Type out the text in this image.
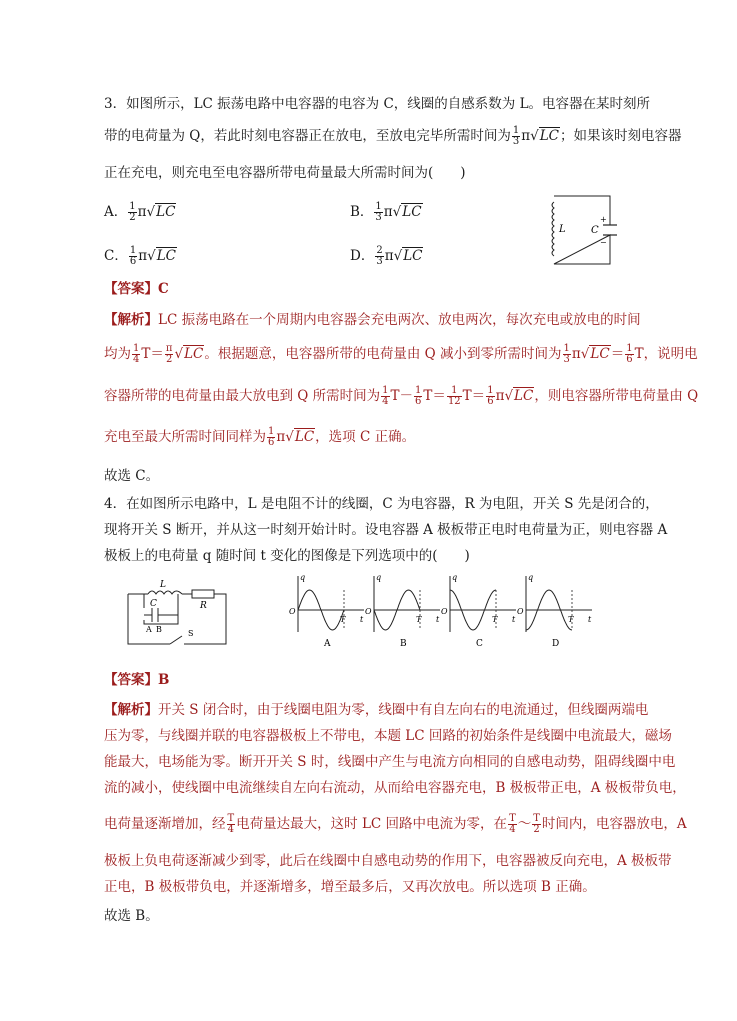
3．如图所示，LC 振荡电路中电容器的电容为 C，线圈的自感系数为 L。电容器在某时刻所
带的电荷量为 Q，若此时刻电容器正在放电，至放电完毕所需时间为 $\frac{1}{3} \pi√LC$；如果该时刻电容器
正在充电，则充电至电容器所带电荷量最大所需时间为(　　)
A． $\frac{1}{2} \pi√LC$	B． $\frac{1}{3} \pi√LC$
C． $\frac{1}{6} \pi√LC$	D． $\frac{2}{3} \pi√LC$
L	C
+
−
【答案】C
【解析】LC 振荡电路在一个周期内电容器会充电两次、放电两次，每次充电或放电的时间
均为 $\frac{1}{4} T= \frac{\pi}{2} √LC$。根据题意，电容器所带的电荷量由 Q 减小到零所需时间为 $\frac{1}{3} \pi√LC= \frac{1}{6}$ T，说明电
容器所带的电荷量由最大放电到 Q 所需时间为 $\frac{1}{4} T- \frac{1}{6} T= \frac{1}{12} T= \frac{1}{6} \pi√LC$，则电容器所带电荷量由 Q
充电至最大所需时间同样为 $\frac{1}{6} \pi√LC$，选项 C 正确。
故选 C。
4．在如图所示电路中，L 是电阻不计的线圈，C 为电容器，R 为电阻，开关 S 先是闭合的，
现将开关 S 断开，并从这一时刻开始计时。设电容器 A 极板带正电时电荷量为正，则电容器 A
极板上的电荷量 q 随时间 t 变化的图像是下列选项中的(　　)
L
C
A B
R
S
q
O
T t
A
q
O
T t
B
q
O
T t
C
q
O
T t
D
【答案】B
【解析】开关 S 闭合时，由于线圈电阻为零，线圈中有自左向右的电流通过，但线圈两端电
压为零，与线圈并联的电容器极板上不带电，本题 LC 回路的初始条件是线圈中电流最大，磁场
能最大，电场能为零。断开开关 S 时，线圈中产生与电流方向相同的自感电动势，阻碍线圈中电
流的减小，使线圈中电流继续自左向右流动，从而给电容器充电，B 极板带正电，A 极板带负电，
电荷量逐渐增加，经 $\frac{T}{4}$ 电荷量达最大，这时 LC 回路中电流为零，在 $\frac{T}{4}$ ～ $\frac{T}{2}$ 时间内，电容器放电，A
极板上负电荷逐渐减少到零，此后在线圈中自感电动势的作用下，电容器被反向充电，A 极板带
正电，B 极板带负电，并逐渐增多，增至最多后，又再次放电。所以选项 B 正确。
故选 B。
